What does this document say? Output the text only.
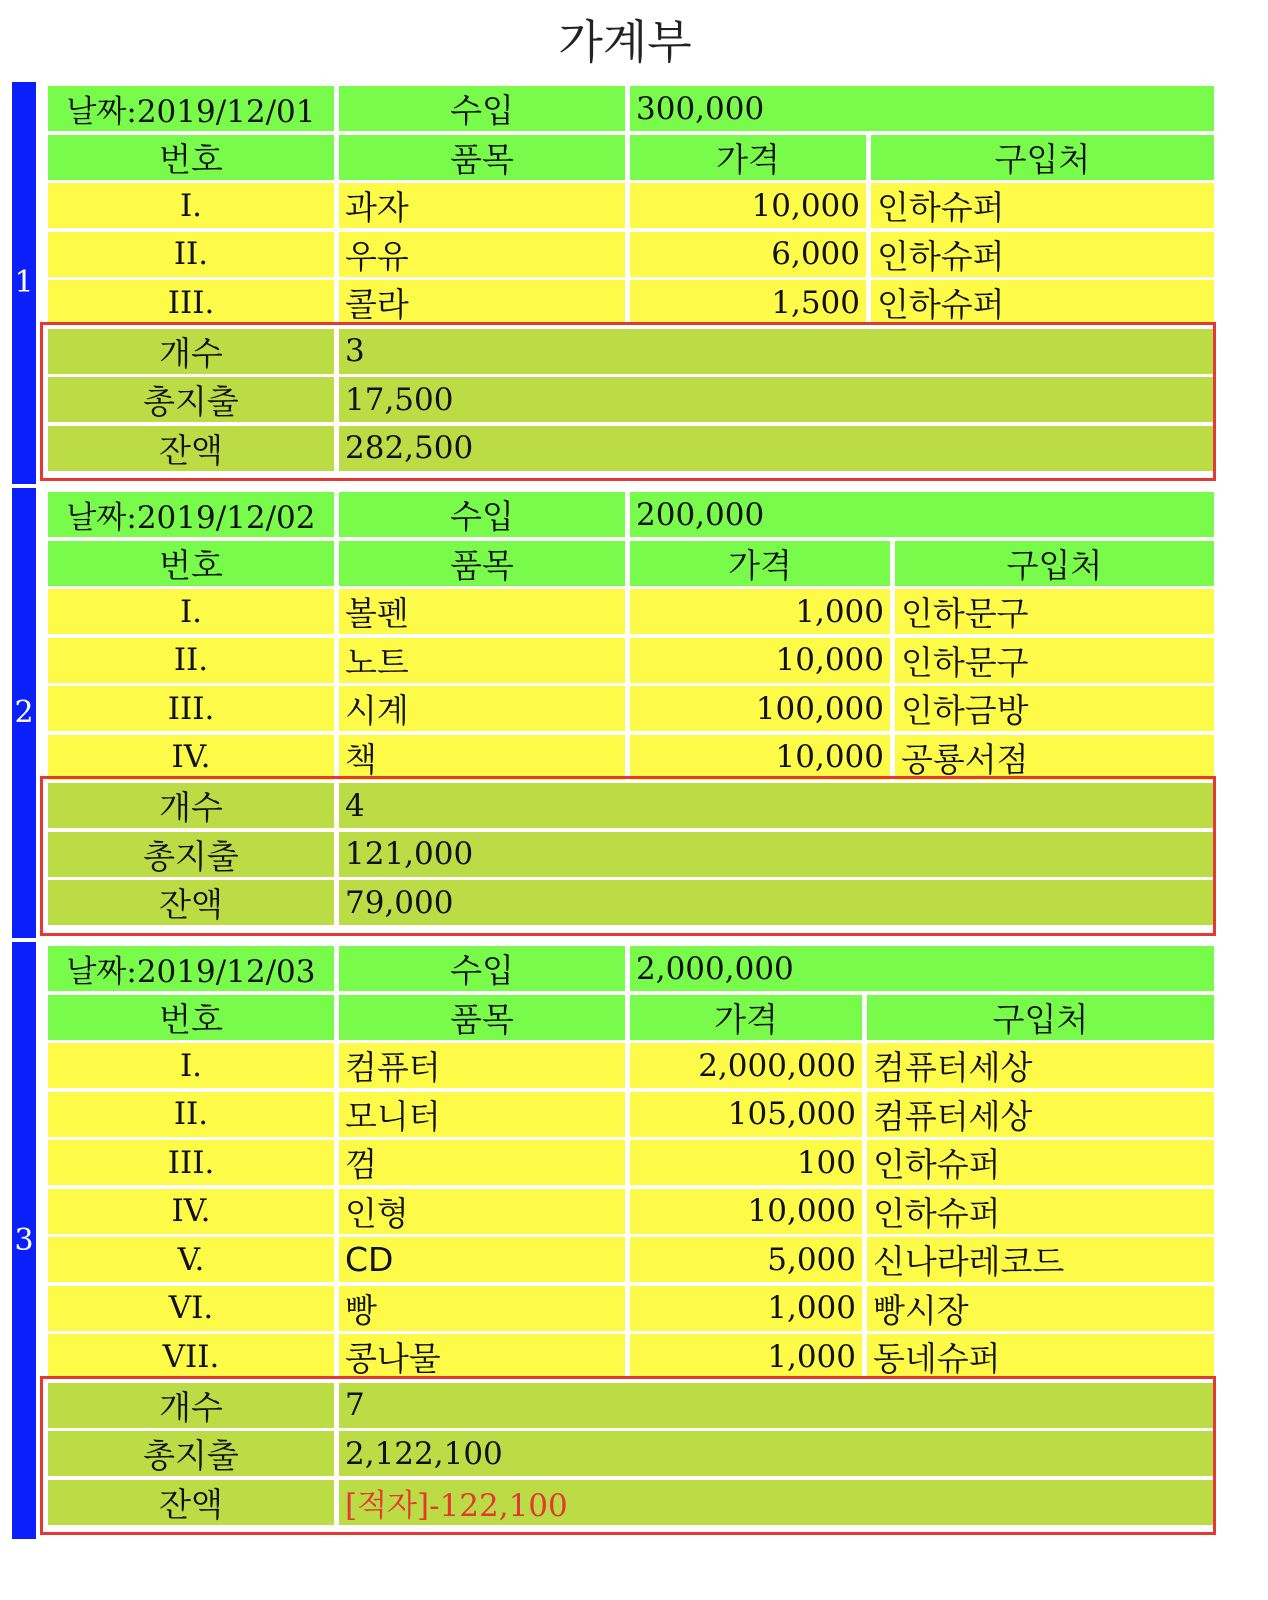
가계부
1
날짜:2019/12/01	수입	300,000
번호	품목	가격	구입처
I.	과자	10,000 인하슈퍼
II.	우유	6,000 인하슈퍼
III.	콜라	1,500 인하슈퍼
개수	3
총지출	17,500
잔액	282,500
2
날짜:2019/12/02	수입	200,000
번호	품목	가격	구입처
I.	볼펜	1,000 인하문구
II.	노트	10,000 인하문구
III.	시계	100,000 인하금방
IV.	책	10,000 공룡서점
개수	4
총지출	121,000
잔액	79,000
3
날짜:2019/12/03	수입	2,000,000
번호	품목	가격	구입처
I.	컴퓨터	2,000,000 컴퓨터세상
II.	모니터	105,000 컴퓨터세상
III.	껌	100 인하슈퍼
IV.	인형	10,000 인하슈퍼
V.	CD	5,000 신나라레코드
VI.	빵	1,000 빵시장
VII.	콩나물	1,000 동네슈퍼
개수	7
총지출	2,122,100
잔액	[적자]-122,100
